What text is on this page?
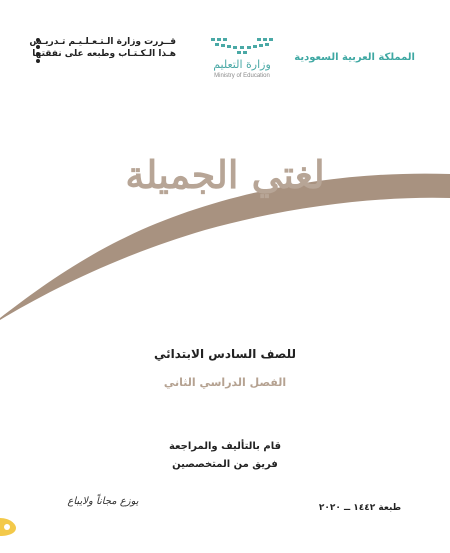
قــررت وزارة الـتـعـلـيـم تـدريـس
هـذا الـكـتـاب وطبعه على نفقتها
وزارة التعليم
Ministry of Education
المملكة العربية السعودية
لغتي الجميلة
للصف السادس الابتدائي
الفصل الدراسي الثاني
قام بالتأليف والمراجعة
فريق من المتخصصين
طبعة ١٤٤٢ ــ ٢٠٢٠
يوزع مجاناً ولايباع
